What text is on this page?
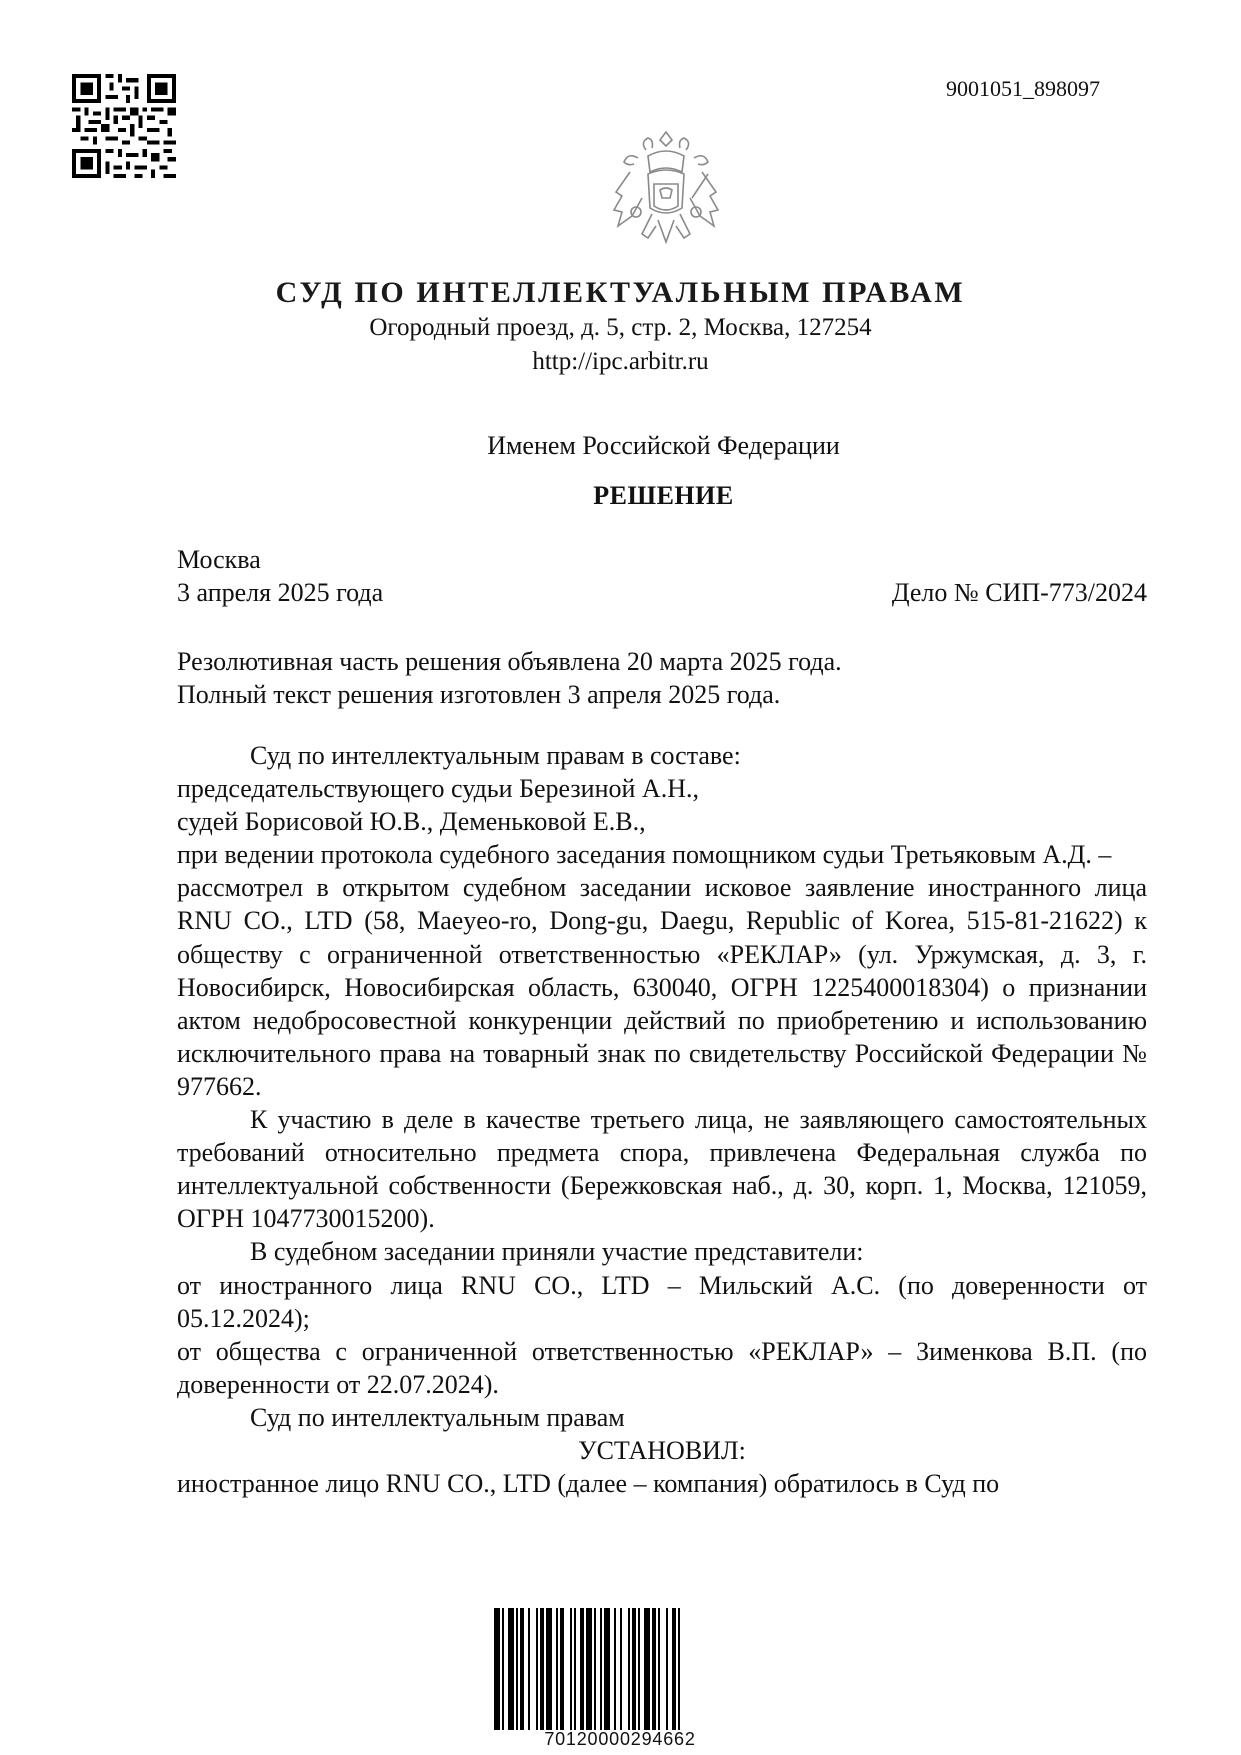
9001051_898097
СУД ПО ИНТЕЛЛЕКТУАЛЬНЫМ ПРАВАМ
Огородный проезд, д. 5, стр. 2, Москва, 127254
http://ipc.arbitr.ru
Именем Российской Федерации
РЕШЕНИЕ
Москва
3 апреля 2025 года	Дело № СИП-773/2024

Резолютивная часть решения объявлена 20 марта 2025 года.

Полный текст решения изготовлен 3 апреля 2025 года.

Суд по интеллектуальным правам в составе:

председательствующего судьи Березиной А.Н.,

судей Борисовой Ю.В., Деменьковой Е.В.,

при ведении протокола судебного заседания помощником судьи Третьяковым А.Д. –

рассмотрел в открытом судебном заседании исковое заявление иностранного лица RNU CO., LTD (58, Maeyeo-ro, Dong-gu, Daegu, Republic of Korea, 515-81-21622) к обществу с ограниченной ответственностью «РЕКЛАР» (ул. Уржумская, д. 3, г. Новосибирск, Новосибирская область, 630040, ОГРН 1225400018304) о признании актом недобросовестной конкуренции действий по приобретению и использованию исключительного права на товарный знак по свидетельству Российской Федерации № 977662.

К участию в деле в качестве третьего лица, не заявляющего самостоятельных требований относительно предмета спора, привлечена Федеральная служба по интеллектуальной собственности (Бережковская наб., д. 30, корп. 1, Москва, 121059, ОГРН 1047730015200).

В судебном заседании приняли участие представители:

от иностранного лица RNU CO., LTD – Мильский А.С. (по доверенности от 05.12.2024);

от общества с ограниченной ответственностью «РЕКЛАР» – Зименкова В.П. (по доверенности от 22.07.2024).

Суд по интеллектуальным правам

УСТАНОВИЛ:

иностранное лицо RNU CO., LTD (далее – компания) обратилось в Суд по

70120000294662
